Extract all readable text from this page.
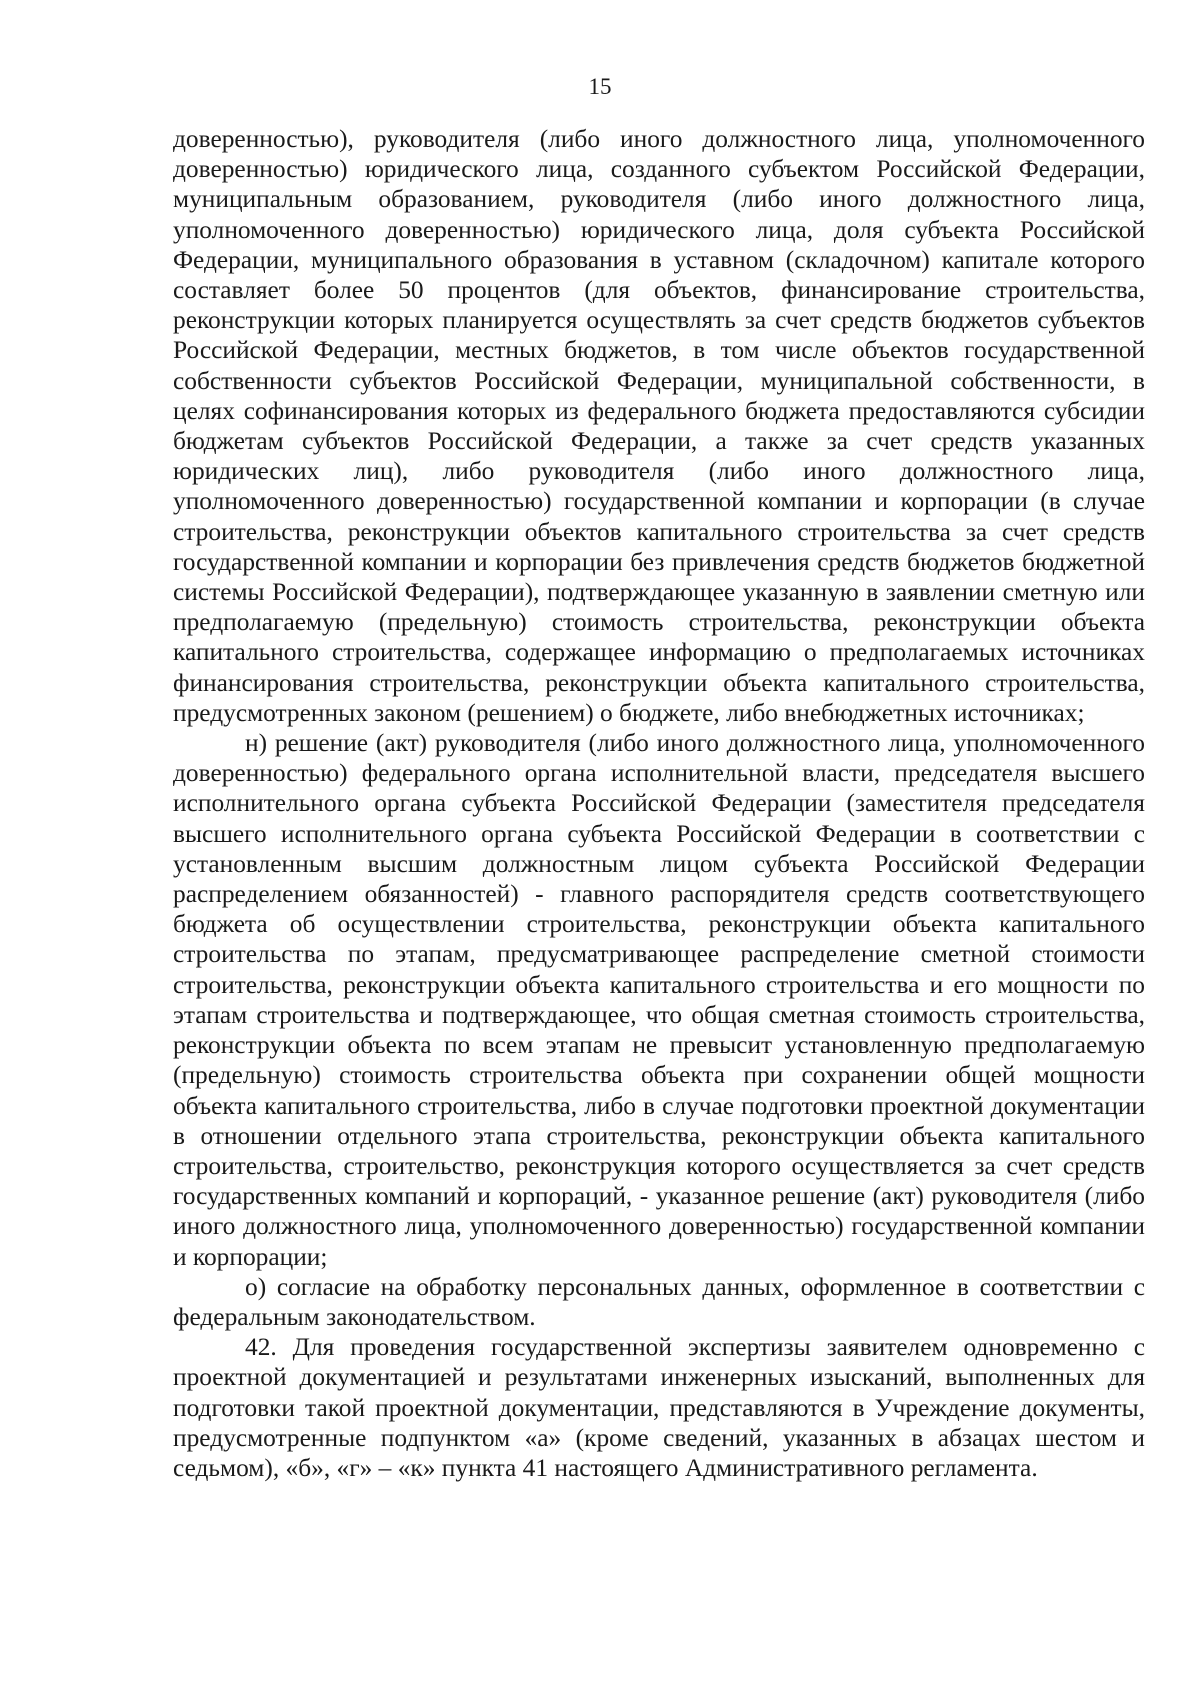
15

доверенностью), руководителя (либо иного должностного лица, уполномоченного доверенностью) юридического лица, созданного субъектом Российской Федерации, муниципальным образованием, руководителя (либо иного должностного лица, уполномоченного доверенностью) юридического лица, доля субъекта Российской Федерации, муниципального образования в уставном (складочном) капитале которого составляет более 50 процентов (для объектов, финансирование строительства, реконструкции которых планируется осуществлять за счет средств бюджетов субъектов Российской Федерации, местных бюджетов, в том числе объектов государственной собственности субъектов Российской Федерации, муниципальной собственности, в целях софинансирования которых из федерального бюджета предоставляются субсидии бюджетам субъектов Российской Федерации, а также за счет средств указанных юридических лиц), либо руководителя (либо иного должностного лица, уполномоченного доверенностью) государственной компании и корпорации (в случае строительства, реконструкции объектов капитального строительства за счет средств государственной компании и корпорации без привлечения средств бюджетов бюджетной системы Российской Федерации), подтверждающее указанную в заявлении сметную или предполагаемую (предельную) стоимость строительства, реконструкции объекта капитального строительства, содержащее информацию о предполагаемых источниках финансирования строительства, реконструкции объекта капитального строительства, предусмотренных законом (решением) о бюджете, либо внебюджетных источниках;

н) решение (акт) руководителя (либо иного должностного лица, уполномоченного доверенностью) федерального органа исполнительной власти, председателя высшего исполнительного органа субъекта Российской Федерации (заместителя председателя высшего исполнительного органа субъекта Российской Федерации в соответствии с установленным высшим должностным лицом субъекта Российской Федерации распределением обязанностей) - главного распорядителя средств соответствующего бюджета об осуществлении строительства, реконструкции объекта капитального строительства по этапам, предусматривающее распределение сметной стоимости строительства, реконструкции объекта капитального строительства и его мощности по этапам строительства и подтверждающее, что общая сметная стоимость строительства, реконструкции объекта по всем этапам не превысит установленную предполагаемую (предельную) стоимость строительства объекта при сохранении общей мощности объекта капитального строительства, либо в случае подготовки проектной документации в отношении отдельного этапа строительства, реконструкции объекта капитального строительства, строительство, реконструкция которого осуществляется за счет средств государственных компаний и корпораций, - указанное решение (акт) руководителя (либо иного должностного лица, уполномоченного доверенностью) государственной компании и корпорации;

о) согласие на обработку персональных данных, оформленное в соответствии с федеральным законодательством.

42. Для проведения государственной экспертизы заявителем одновременно с проектной документацией и результатами инженерных изысканий, выполненных для подготовки такой проектной документации, представляются в Учреждение документы, предусмотренные подпунктом «а» (кроме сведений, указанных в абзацах шестом и седьмом), «б», «г» – «к» пункта 41 настоящего Административного регламента.
